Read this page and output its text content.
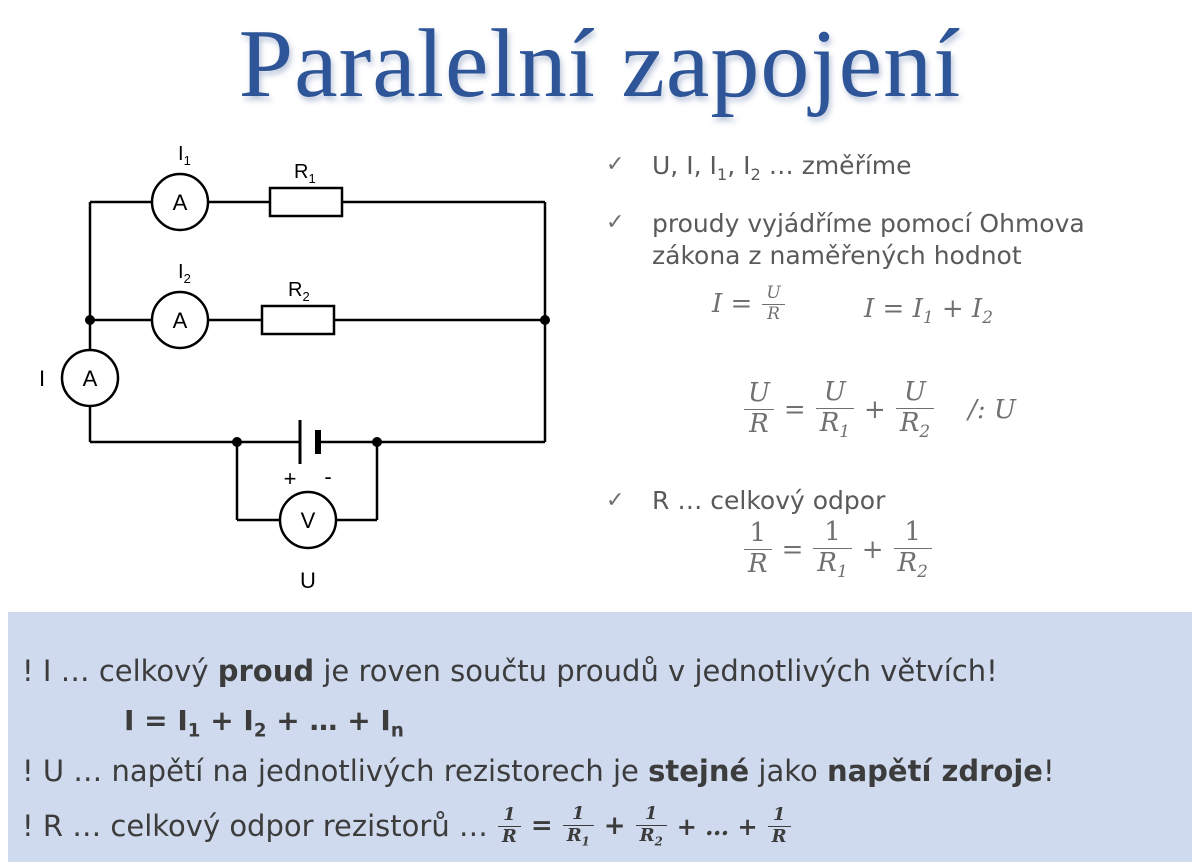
Paralelní zapojení
A
A
A
V
I
U
+ -
$I_1$
$I_2$
$R_1$
$R_2$
✓ U, I, $I_1$, $I_2$ … změříme
✓ proudy vyjádříme pomocí Ohmova
zákona z naměřených hodnot
$I = \frac{U}{R}$	$I = I_1 + I_2$
$\frac{U}{R} = \frac{U}{R_1} + \frac{U}{R_2}$ /: U
✓ R … celkový odpor
$\frac{1}{R} = \frac{1}{R_1} + \frac{1}{R_2}$
! I … celkový proud je roven součtu proudů v jednotlivých větvích!
$I = I_1 + I_2$ + … + $I_n$
! U … napětí na jednotlivých rezistorech je stejné jako napětí zdroje!
! R … celkový odpor rezistorů … $\frac{1}{R} = \frac{1}{R_1} + \frac{1}{R_2}$ + … + $\frac{1}{R}$
